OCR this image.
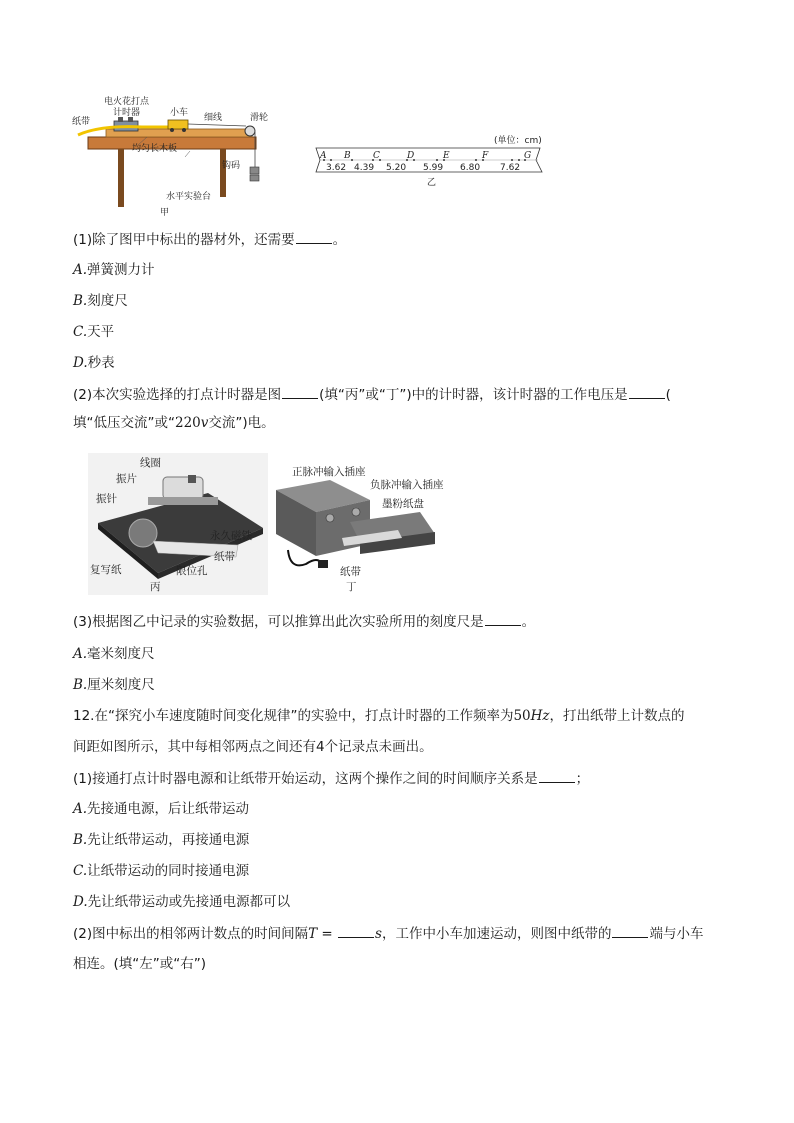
电火花打点
计时器
纸带
小车 细线	滑轮
均匀长木板
钩码
水平实验台
甲
(单位：cm)
A B C	D	E	F	G
3.62 4.39 5.20 5.99 6.80 7.62
乙
(1)除了图甲中标出的器材外，还需要	。
A.弹簧测力计
B.刻度尺
C.天平
D.秒表
(2)本次实验选择的打点计时器是图	(填“丙”或“丁”)中的计时器，该计时器的工作电压是	(
填“低压交流”或“220v交流”)电。
线圈
振片
振针
永久磁铁
纸带
限位孔
复写纸
丙
正脉冲输入插座
负脉冲输入插座
墨粉纸盘
纸带
丁
(3)根据图乙中记录的实验数据，可以推算出此次实验所用的刻度尺是	。
A.毫米刻度尺
B.厘米刻度尺
12.在“探究小车速度随时间变化规律”的实验中，打点计时器的工作频率为50Hz，打出纸带上计数点的
间距如图所示，其中每相邻两点之间还有4个记录点未画出。
(1)接通打点计时器电源和让纸带开始运动，这两个操作之间的时间顺序关系是	；
A.先接通电源，后让纸带运动
B.先让纸带运动，再接通电源
C.让纸带运动的同时接通电源
D.先让纸带运动或先接通电源都可以
(2)图中标出的相邻两计数点的时间间隔T =	s，工作中小车加速运动，则图中纸带的	端与小车
相连。(填“左”或“右”)
